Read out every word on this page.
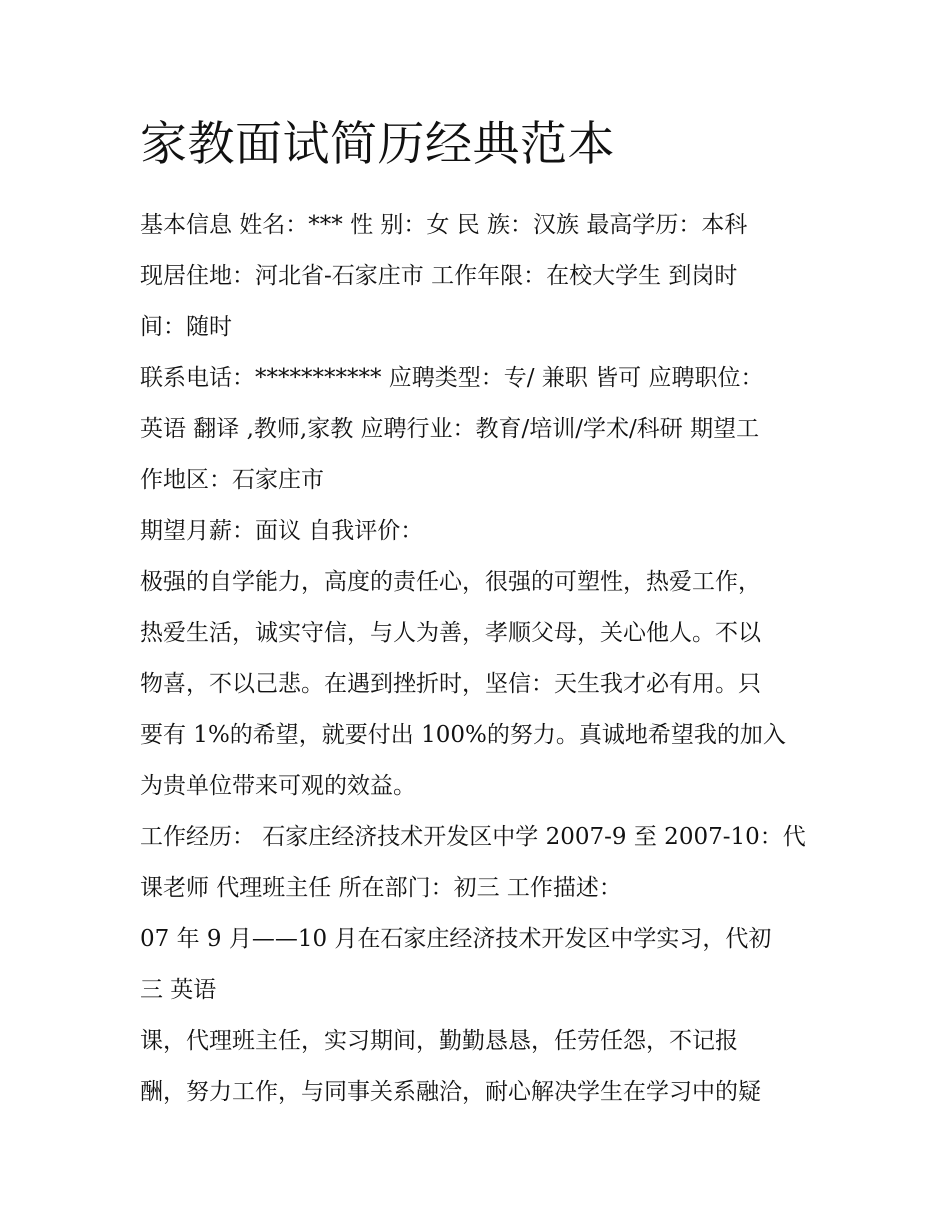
家教面试简历经典范本
基本信息 姓名：*** 性 别：女 民 族：汉族 最高学历：本科
现居住地：河北省-石家庄市 工作年限：在校大学生 到岗时
间：随时
联系电话：*********** 应聘类型：专/ 兼职 皆可 应聘职位：
英语 翻译 ,教师,家教 应聘行业：教育/培训/学术/科研 期望工
作地区：石家庄市
期望月薪：面议 自我评价：
极强的自学能力，高度的责任心，很强的可塑性，热爱工作，
热爱生活，诚实守信，与人为善，孝顺父母，关心他人。不以
物喜，不以己悲。在遇到挫折时，坚信：天生我才必有用。只
要有 1%的希望，就要付出 100%的努力。真诚地希望我的加入
为贵单位带来可观的效益。
工作经历： 石家庄经济技术开发区中学 2007-9 至 2007-10：代
课老师 代理班主任 所在部门：初三 工作描述：
07 年 9 月——10 月在石家庄经济技术开发区中学实习，代初
三 英语
课，代理班主任，实习期间，勤勤恳恳，任劳任怨，不记报
酬，努力工作，与同事关系融洽，耐心解决学生在学习中的疑
